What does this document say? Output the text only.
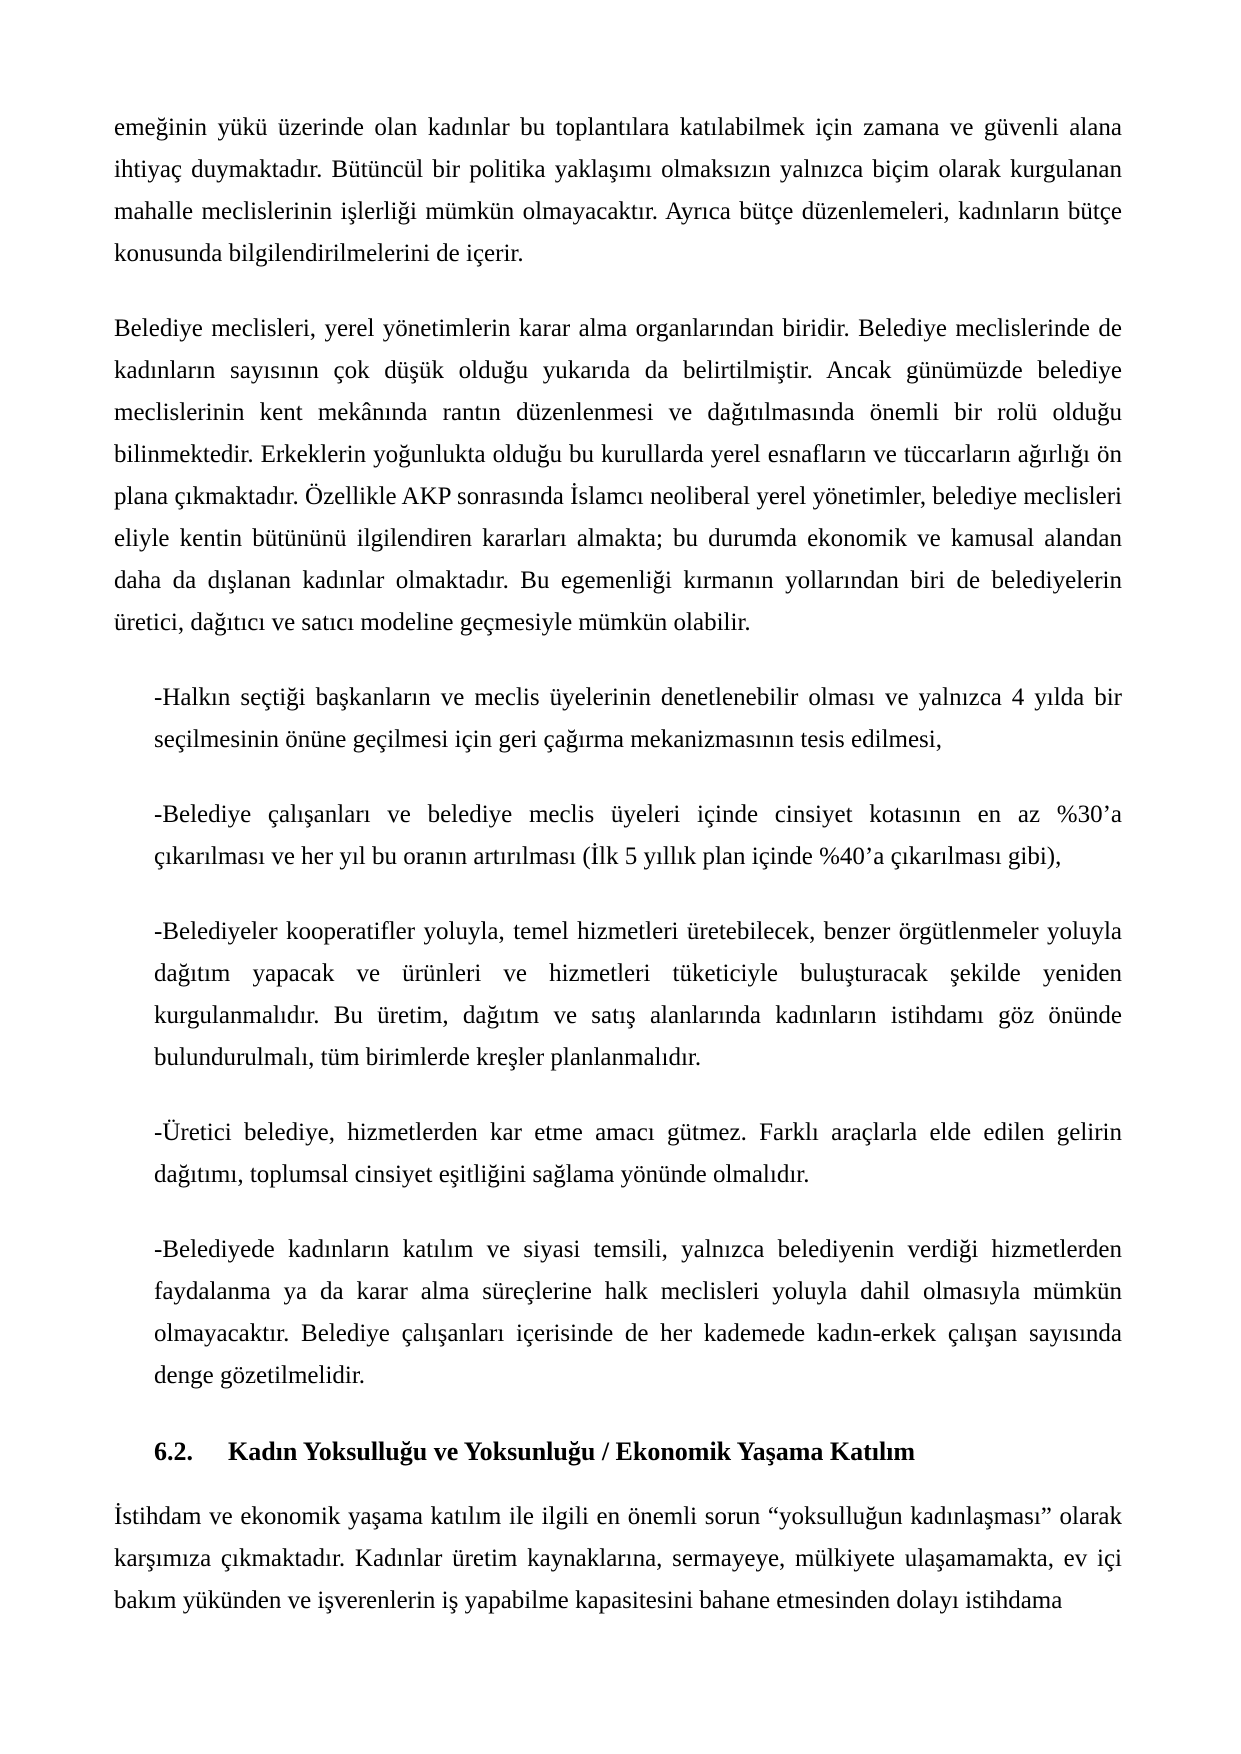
emeğinin yükü üzerinde olan kadınlar bu toplantılara katılabilmek için zamana ve güvenli alana ihtiyaç duymaktadır. Bütüncül bir politika yaklaşımı olmaksızın yalnızca biçim olarak kurgulanan mahalle meclislerinin işlerliği mümkün olmayacaktır. Ayrıca bütçe düzenlemeleri, kadınların bütçe konusunda bilgilendirilmelerini de içerir.

Belediye meclisleri, yerel yönetimlerin karar alma organlarından biridir. Belediye meclislerinde de kadınların sayısının çok düşük olduğu yukarıda da belirtilmiştir. Ancak günümüzde belediye meclislerinin kent mekânında rantın düzenlenmesi ve dağıtılmasında önemli bir rolü olduğu bilinmektedir. Erkeklerin yoğunlukta olduğu bu kurullarda yerel esnafların ve tüccarların ağırlığı ön plana çıkmaktadır. Özellikle AKP sonrasında İslamcı neoliberal yerel yönetimler, belediye meclisleri eliyle kentin bütününü ilgilendiren kararları almakta; bu durumda ekonomik ve kamusal alandan daha da dışlanan kadınlar olmaktadır. Bu egemenliği kırmanın yollarından biri de belediyelerin üretici, dağıtıcı ve satıcı modeline geçmesiyle mümkün olabilir.

-Halkın seçtiği başkanların ve meclis üyelerinin denetlenebilir olması ve yalnızca 4 yılda bir seçilmesinin önüne geçilmesi için geri çağırma mekanizmasının tesis edilmesi,

-Belediye çalışanları ve belediye meclis üyeleri içinde cinsiyet kotasının en az %30’a çıkarılması ve her yıl bu oranın artırılması (İlk 5 yıllık plan içinde %40’a çıkarılması gibi),

-Belediyeler kooperatifler yoluyla, temel hizmetleri üretebilecek, benzer örgütlenmeler yoluyla dağıtım yapacak ve ürünleri ve hizmetleri tüketiciyle buluşturacak şekilde yeniden kurgulanmalıdır. Bu üretim, dağıtım ve satış alanlarında kadınların istihdamı göz önünde bulundurulmalı, tüm birimlerde kreşler planlanmalıdır.

-Üretici belediye, hizmetlerden kar etme amacı gütmez. Farklı araçlarla elde edilen gelirin dağıtımı, toplumsal cinsiyet eşitliğini sağlama yönünde olmalıdır.

-Belediyede kadınların katılım ve siyasi temsili, yalnızca belediyenin verdiği hizmetlerden faydalanma ya da karar alma süreçlerine halk meclisleri yoluyla dahil olmasıyla mümkün olmayacaktır. Belediye çalışanları içerisinde de her kademede kadın-erkek çalışan sayısında denge gözetilmelidir.

6.2. Kadın Yoksulluğu ve Yoksunluğu / Ekonomik Yaşama Katılım

İstihdam ve ekonomik yaşama katılım ile ilgili en önemli sorun “yoksulluğun kadınlaşması” olarak karşımıza çıkmaktadır. Kadınlar üretim kaynaklarına, sermayeye, mülkiyete ulaşamamakta, ev içi bakım yükünden ve işverenlerin iş yapabilme kapasitesini bahane etmesinden dolayı istihdama
